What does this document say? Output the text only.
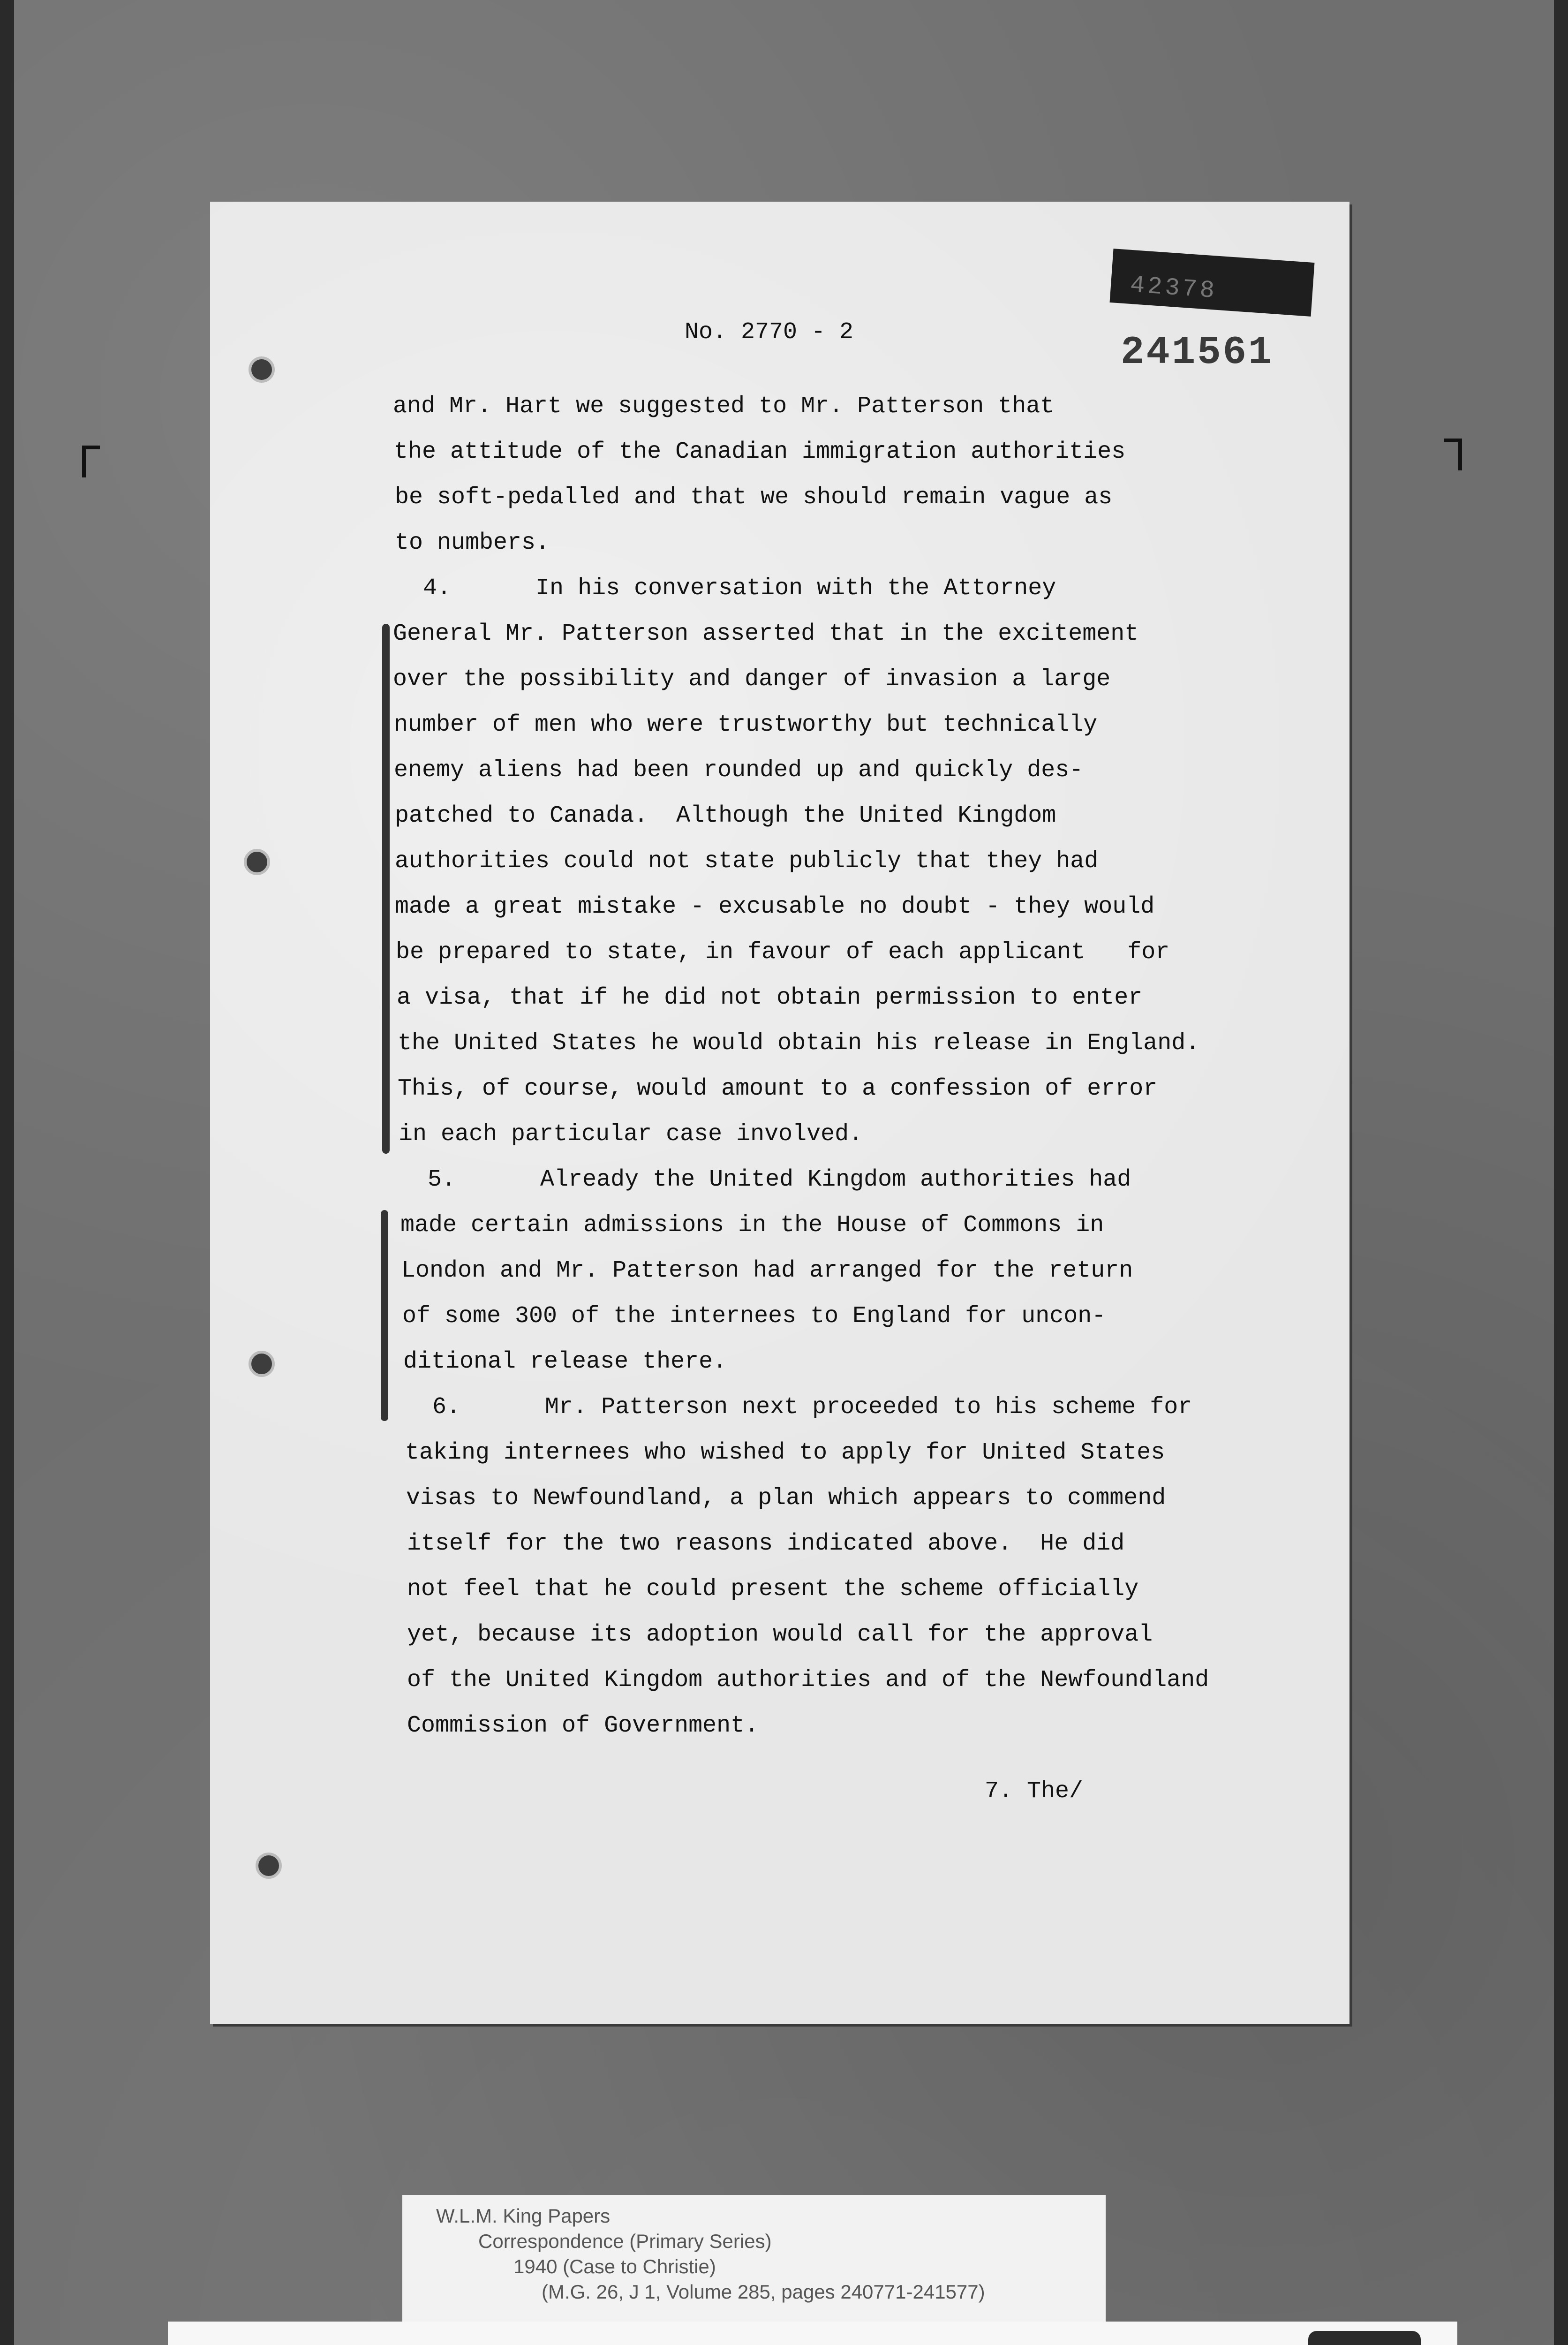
42378
241561
No. 2770 - 2
and Mr. Hart we suggested to Mr. Patterson that
the attitude of the Canadian immigration authorities
be soft-pedalled and that we should remain vague as
to numbers.
4.      In his conversation with the Attorney
General Mr. Patterson asserted that in the excitement
over the possibility and danger of invasion a large
number of men who were trustworthy but technically
enemy aliens had been rounded up and quickly des-
patched to Canada.  Although the United Kingdom
authorities could not state publicly that they had
made a great mistake - excusable no doubt - they would
be prepared to state, in favour of each applicant   for
a visa, that if he did not obtain permission to enter
the United States he would obtain his release in England.
This, of course, would amount to a confession of error
in each particular case involved.
5.      Already the United Kingdom authorities had
made certain admissions in the House of Commons in
London and Mr. Patterson had arranged for the return
of some 300 of the internees to England for uncon-
ditional release there.
6.      Mr. Patterson next proceeded to his scheme for
taking internees who wished to apply for United States
visas to Newfoundland, a plan which appears to commend
itself for the two reasons indicated above.  He did
not feel that he could present the scheme officially
yet, because its adoption would call for the approval
of the United Kingdom authorities and of the Newfoundland
Commission of Government.
7. The/
W.L.M. King Papers
Correspondence (Primary Series)
1940 (Case to Christie)
(M.G. 26, J 1, Volume 285, pages 240771-241577)
